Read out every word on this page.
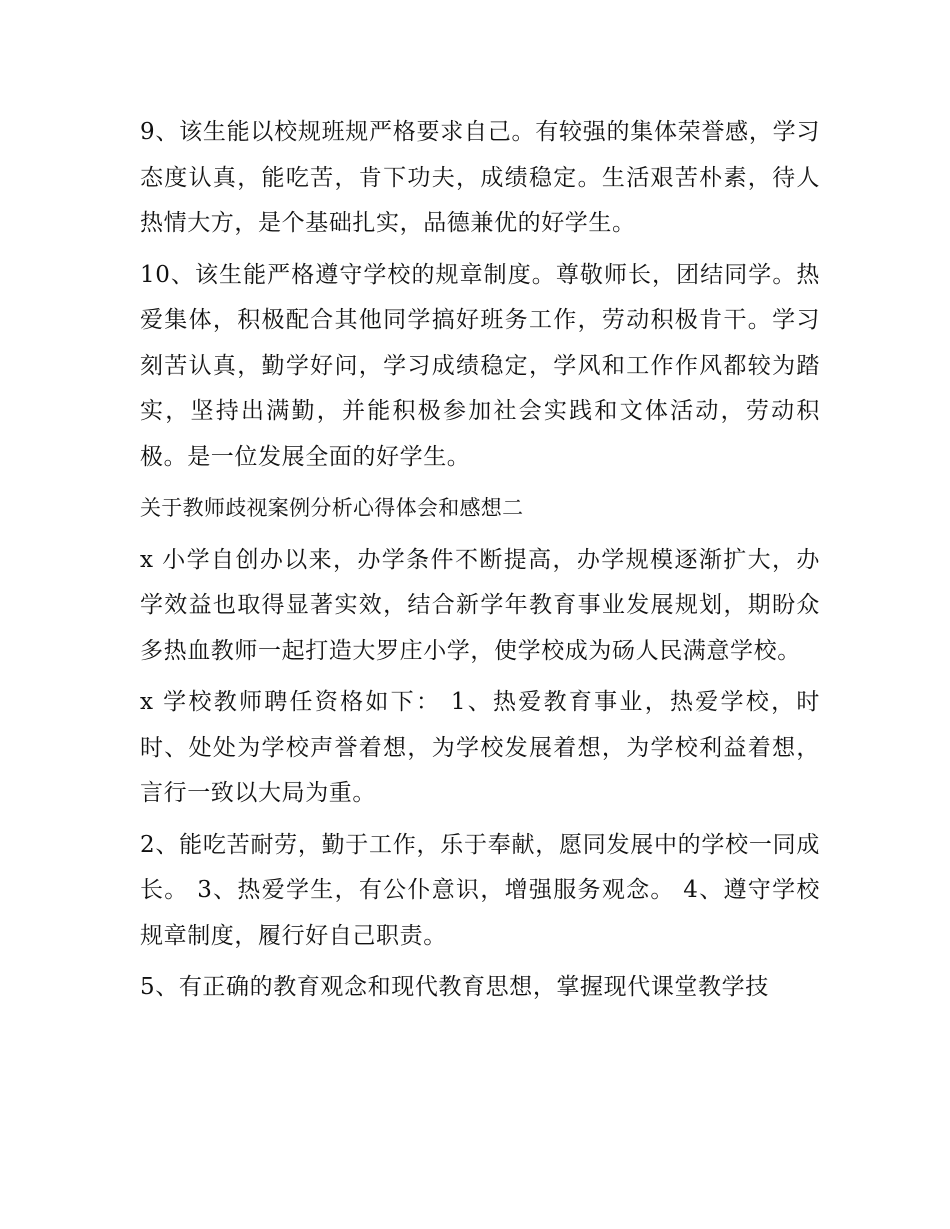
9、该生能以校规班规严格要求自己。有较强的集体荣誉感，学习态度认真，能吃苦，肯下功夫，成绩稳定。生活艰苦朴素，待人热情大方，是个基础扎实，品德兼优的好学生。

10、该生能严格遵守学校的规章制度。尊敬师长，团结同学。热爱集体，积极配合其他同学搞好班务工作，劳动积极肯干。学习刻苦认真，勤学好问，学习成绩稳定，学风和工作作风都较为踏实，坚持出满勤，并能积极参加社会实践和文体活动，劳动积极。是一位发展全面的好学生。

关于教师歧视案例分析心得体会和感想二

x 小学自创办以来，办学条件不断提高，办学规模逐渐扩大，办学效益也取得显著实效，结合新学年教育事业发展规划，期盼众多热血教师一起打造大罗庄小学，使学校成为砀人民满意学校。

x 学校教师聘任资格如下： 1、热爱教育事业，热爱学校，时时、处处为学校声誉着想，为学校发展着想，为学校利益着想，言行一致以大局为重。

2、能吃苦耐劳，勤于工作，乐于奉献，愿同发展中的学校一同成长。 3、热爱学生，有公仆意识，增强服务观念。 4、遵守学校规章制度，履行好自己职责。

5、有正确的教育观念和现代教育思想，掌握现代课堂教学技
